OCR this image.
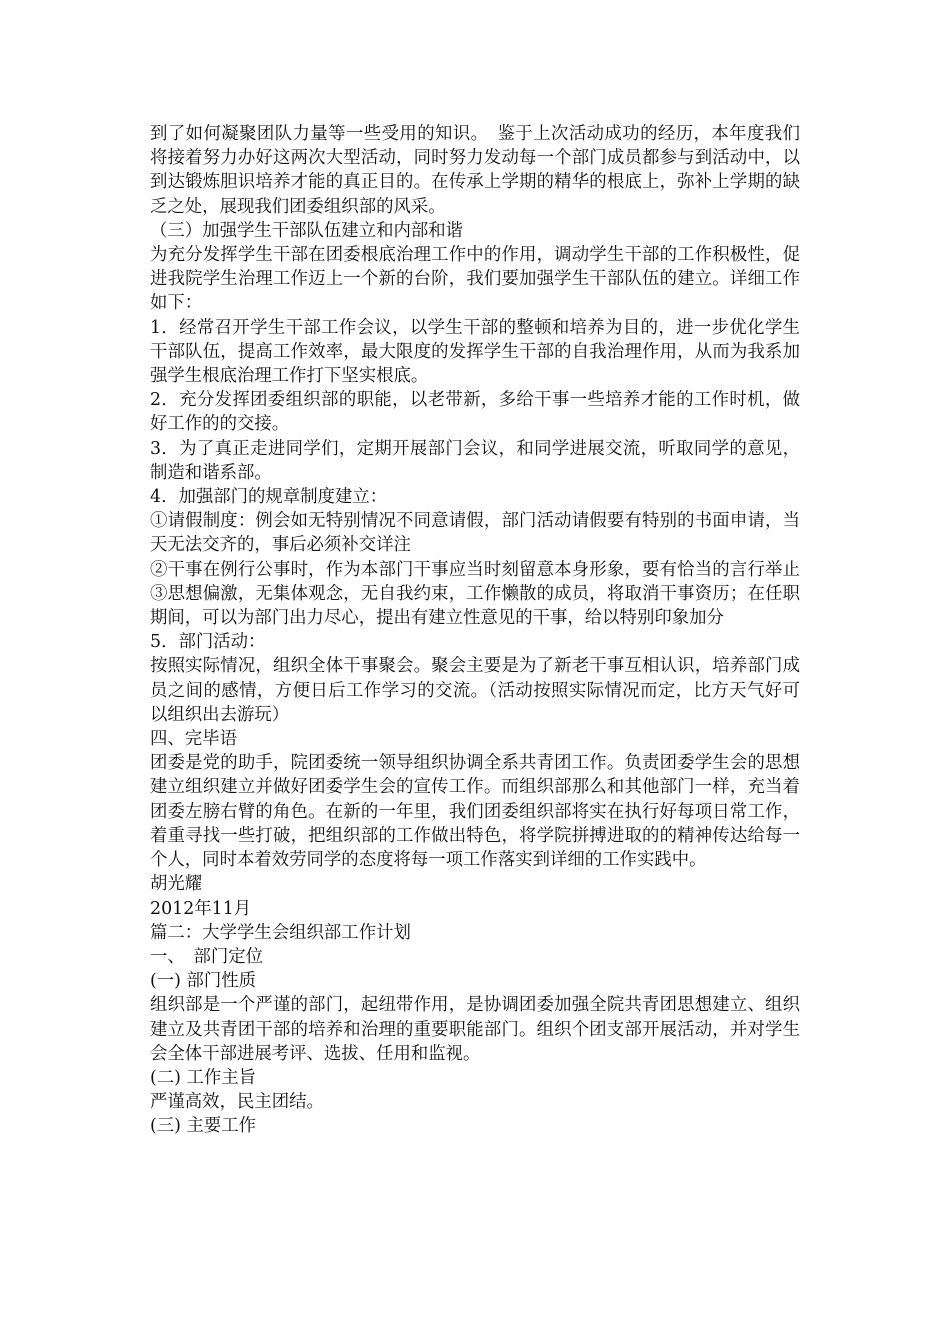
到了如何凝聚团队力量等一些受用的知识。　鉴于上次活动成功的经历，本年度我们将接着努力办好这两次大型活动，同时努力发动每一个部门成员都参与到活动中，以到达锻炼胆识培养才能的真正目的。在传承上学期的精华的根底上，弥补上学期的缺乏之处，展现我们团委组织部的风采。

（三）加强学生干部队伍建立和内部和谐

为充分发挥学生干部在团委根底治理工作中的作用，调动学生干部的工作积极性，促进我院学生治理工作迈上一个新的台阶，我们要加强学生干部队伍的建立。详细工作如下：

1．经常召开学生干部工作会议，以学生干部的整顿和培养为目的，进一步优化学生干部队伍，提高工作效率，最大限度的发挥学生干部的自我治理作用，从而为我系加强学生根底治理工作打下坚实根底。

2．充分发挥团委组织部的职能，以老带新，多给干事一些培养才能的工作时机，做好工作的的交接。

3．为了真正走进同学们，定期开展部门会议，和同学进展交流，听取同学的意见，制造和谐系部。

4．加强部门的规章制度建立：

①请假制度：例会如无特别情况不同意请假，部门活动请假要有特别的书面申请，当天无法交齐的，事后必须补交详注

②干事在例行公事时，作为本部门干事应当时刻留意本身形象，要有恰当的言行举止　③思想偏激，无集体观念，无自我约束，工作懒散的成员，将取消干事资历；在任职期间，可以为部门出力尽心，提出有建立性意见的干事，给以特别印象加分

5．部门活动：

按照实际情况，组织全体干事聚会。聚会主要是为了新老干事互相认识，培养部门成员之间的感情，方便日后工作学习的交流。（活动按照实际情况而定，比方天气好可以组织出去游玩）

四、完毕语

团委是党的助手，院团委统一领导组织协调全系共青团工作。负责团委学生会的思想建立组织建立并做好团委学生会的宣传工作。而组织部那么和其他部门一样，充当着团委左膀右臂的角色。在新的一年里，我们团委组织部将实在执行好每项日常工作，着重寻找一些打破，把组织部的工作做出特色，将学院拼搏进取的的精神传达给每一个人，同时本着效劳同学的态度将每一项工作落实到详细的工作实践中。

胡光耀

2012年11月

篇二：大学学生会组织部工作计划

一、　部门定位

(一) 部门性质

组织部是一个严谨的部门，起纽带作用，是协调团委加强全院共青团思想建立、组织建立及共青团干部的培养和治理的重要职能部门。组织个团支部开展活动，并对学生会全体干部进展考评、选拔、任用和监视。

(二) 工作主旨

严谨高效，民主团结。

(三) 主要工作
